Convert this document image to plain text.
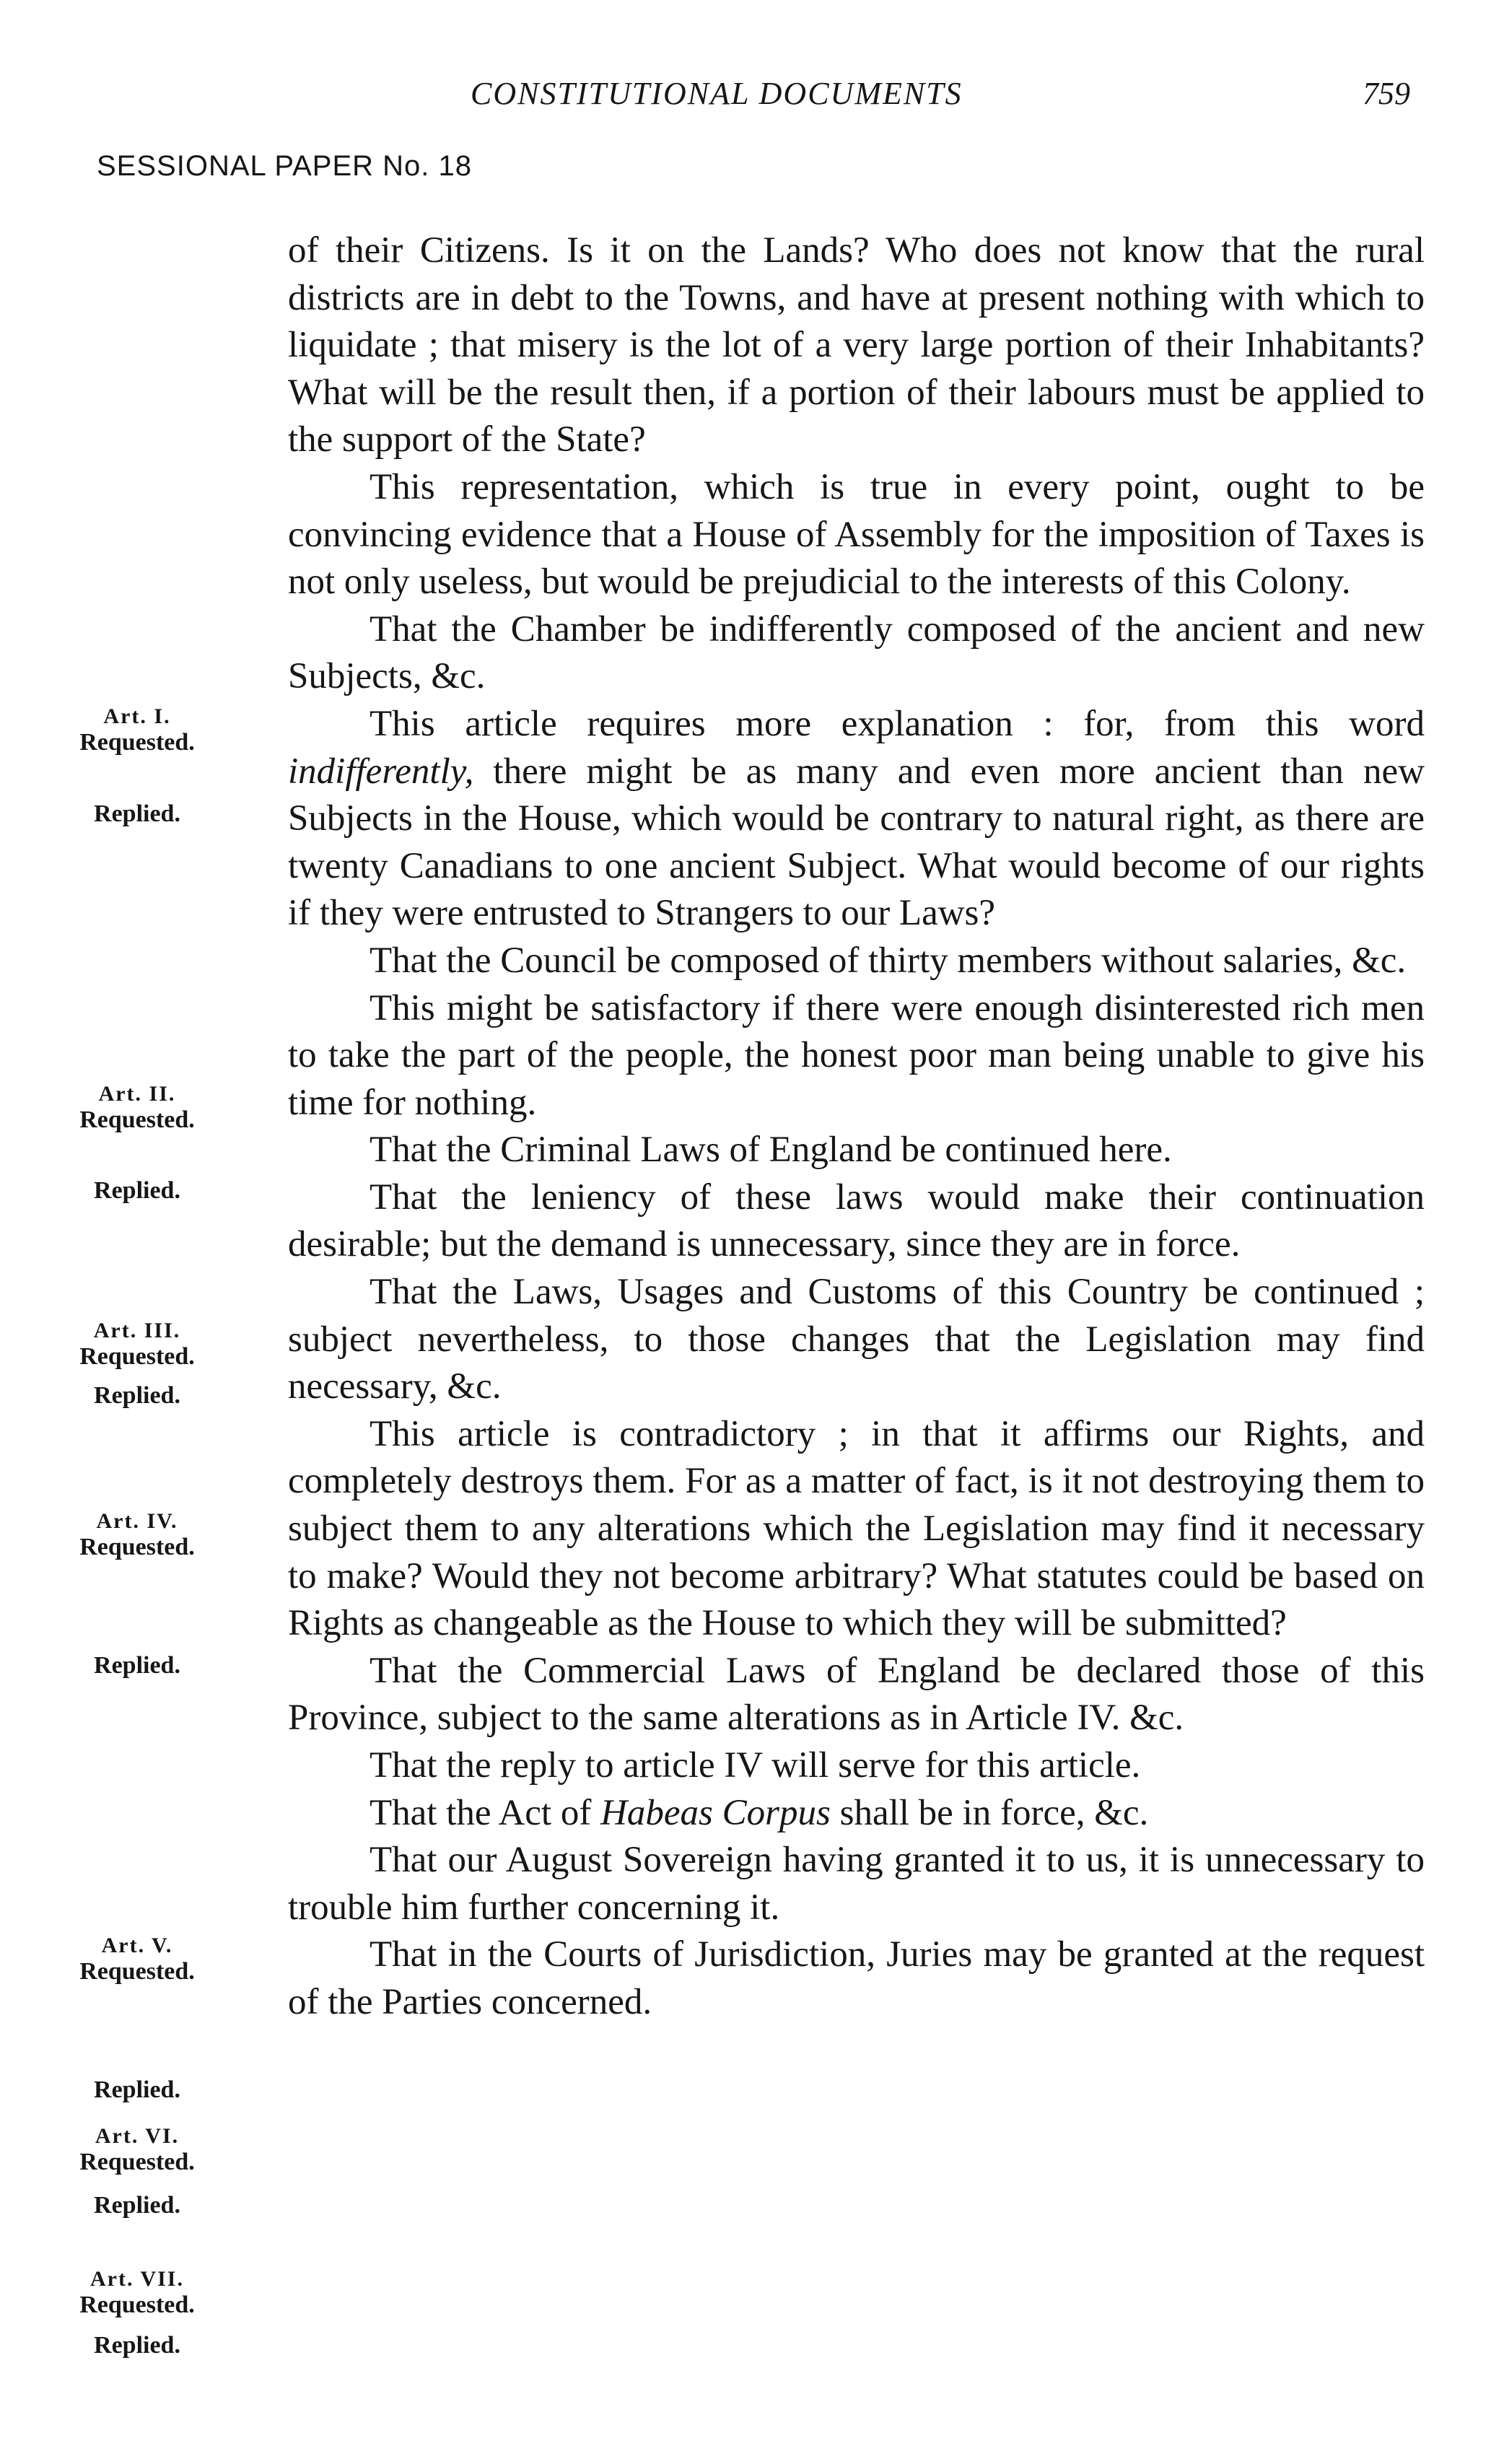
CONSTITUTIONAL DOCUMENTS	759
SESSIONAL PAPER No. 18
Art. I.
Requested.
Replied.
Art. II.
Requested.
Replied.
Art. III.
Requested.
Replied.
Art. IV.
Requested.
Replied.
Art. V.
Requested.
Replied.
Art. VI.
Requested.
Replied.
Art. VII.
Requested.
Replied.

of their Citizens. Is it on the Lands? Who does not know that the rural districts are in debt to the Towns, and have at present nothing with which to liquidate ; that misery is the lot of a very large portion of their Inhabitants? What will be the result then, if a portion of their labours must be applied to the support of the State?

This representation, which is true in every point, ought to be convincing evidence that a House of Assembly for the imposition of Taxes is not only useless, but would be prejudicial to the interests of this Colony.

That the Chamber be indifferently composed of the ancient and new Subjects, &c.

This article requires more explanation : for, from this word indifferently, there might be as many and even more ancient than new Subjects in the House, which would be contrary to natural right, as there are twenty Canadians to one ancient Subject. What would become of our rights if they were entrusted to Strangers to our Laws?

That the Council be composed of thirty members without salaries, &c.

This might be satisfactory if there were enough disinterested rich men to take the part of the people, the honest poor man being unable to give his time for nothing.

That the Criminal Laws of England be continued here.

That the leniency of these laws would make their continuation desirable; but the demand is unnecessary, since they are in force.

That the Laws, Usages and Customs of this Country be continued ; subject nevertheless, to those changes that the Legislation may find necessary, &c.

This article is contradictory ; in that it affirms our Rights, and completely destroys them. For as a matter of fact, is it not destroying them to subject them to any alterations which the Legislation may find it necessary to make? Would they not become arbitrary? What statutes could be based on Rights as changeable as the House to which they will be submitted?

That the Commercial Laws of England be declared those of this Province, subject to the same alterations as in Article IV. &c.

That the reply to article IV will serve for this article.

That the Act of Habeas Corpus shall be in force, &c.

That our August Sovereign having granted it to us, it is unnecessary to trouble him further concerning it.

That in the Courts of Jurisdiction, Juries may be granted at the request of the Parties concerned.
